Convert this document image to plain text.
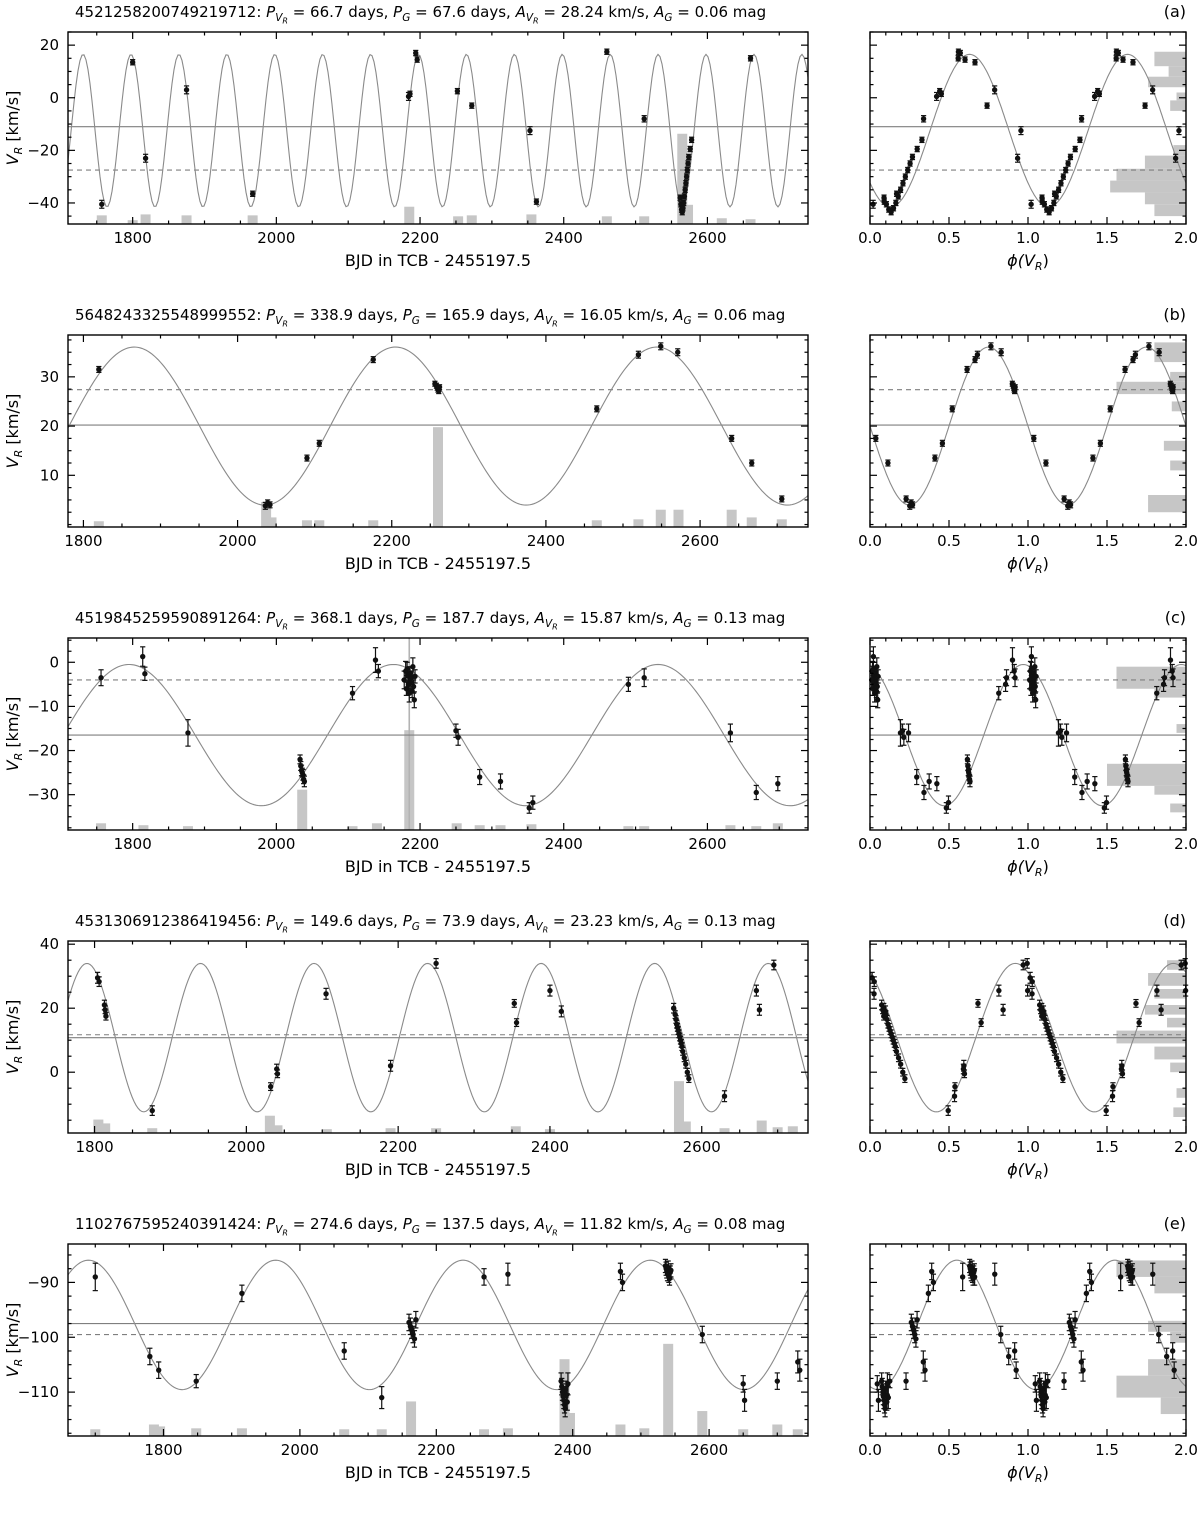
4521258200749219712: $P_VR = 66.7$ days, $P_G = 67.6$ days, $A_VR = 28.24$ km/s, $A_G = 0.06$ mag	(a)
1800	2000	2200	2400	2600
20
0
−20
−40
0.0	0.5	1.0	1.5	2.0
BJD in TCB - 2455197.5	$\phi(V_R)$
$V_R$ [km/s]
5648243325548999552: $P_VR = 338.9$ days, $P_G = 165.9$ days, $A_VR = 16.05$ km/s, $A_G = 0.06$ mag	(b)
1800	2000	2200	2400	2600
10
20
30
0.0	0.5	1.0	1.5	2.0
BJD in TCB - 2455197.5	$\phi(V_R)$
$V_R$ [km/s]
4519845259590891264: $P_VR = 368.1$ days, $P_G = 187.7$ days, $A_VR = 15.87$ km/s, $A_G = 0.13$ mag	(c)
1800	2000	2200	2400	2600
0
−10
−20
−30
0.0	0.5	1.0	1.5	2.0
BJD in TCB - 2455197.5	$\phi(V_R)$
$V_R$ [km/s]
4531306912386419456: $P_VR = 149.6$ days, $P_G = 73.9$ days, $A_VR = 23.23$ km/s, $A_G = 0.13$ mag	(d)
1800	2000	2200	2400	2600
40
20
0
0.0	0.5	1.0	1.5	2.0
BJD in TCB - 2455197.5	$\phi(V_R)$
$V_R$ [km/s]
1102767595240391424: $P_VR = 274.6$ days, $P_G = 137.5$ days, $A_VR = 11.82$ km/s, $A_G = 0.08$ mag	(e)
1800	2000	2200	2400	2600
−90
−100
−110
0.0	0.5	1.0	1.5	2.0
BJD in TCB - 2455197.5	$\phi(V_R)$
$V_R$ [km/s]
